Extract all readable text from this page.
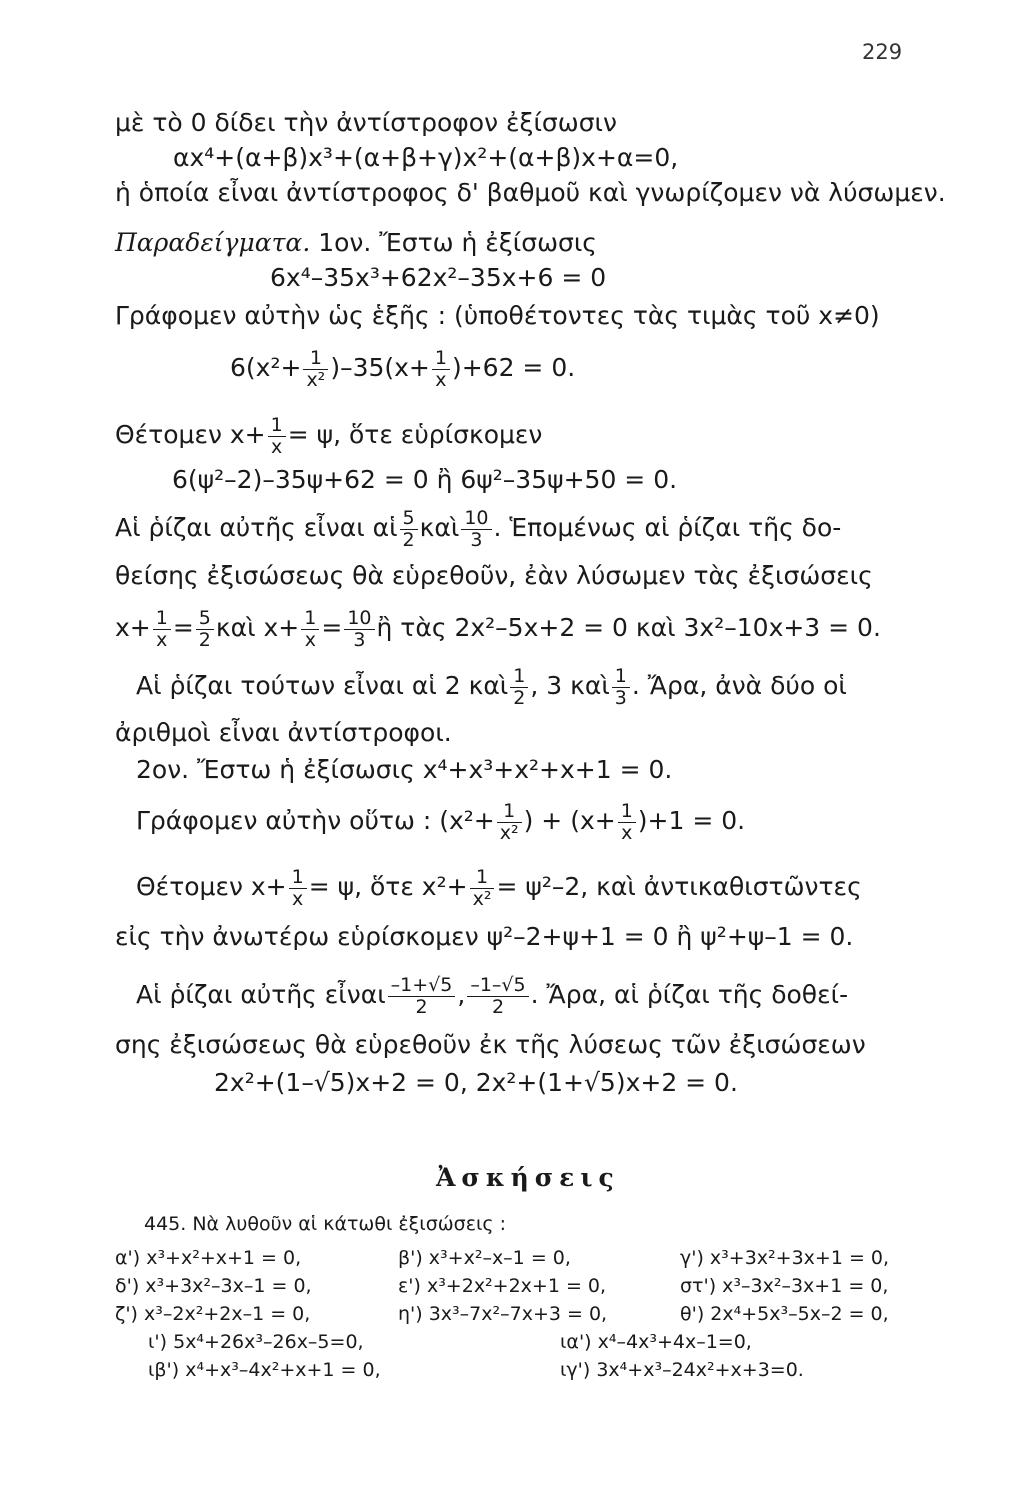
229
μὲ τὸ 0 δίδει τὴν ἀντίστροφον ἐξίσωσιν
αx⁴+(α+β)x³+(α+β+γ)x²+(α+β)x+α=0,
ἡ ὁποία εἶναι ἀντίστροφος δ' βαθμοῦ καὶ γνωρίζομεν νὰ λύσωμεν.
Παραδείγματα. 1ον. Ἔστω ἡ ἐξίσωσις
6x⁴–35x³+62x²–35x+6 = 0
Γράφομεν αὐτὴν ὡς ἑξῆς : (ὑποθέτοντες τὰς τιμὰς τοῦ x≠0)
$6(x^2+ \frac{1}{\text{x²}} )-35(x+ \frac{1}{x} )+62 = 0$.
Θέτομεν $x+ \frac{1}{x} = \psi$, ὅτε εὑρίσκομεν
6(ψ²–2)–35ψ+62 = 0 ἢ 6ψ²–35ψ+50 = 0.
Αἱ ῥίζαι αὐτῆς εἶναι αἱ $\frac{5}{2}$ καὶ $\frac{10}{3}$ . Ἑπομένως αἱ ῥίζαι τῆς δο-
θείσης ἐξισώσεως θὰ εὑρεθοῦν, ἐὰν λύσωμεν τὰς ἐξισώσεις
$x+ \frac{1}{x} = \frac{5}{2}$ καὶ $x+ \frac{1}{x} = \frac{10}{3}$ ἢ τὰς 2x²–5x+2 = 0 καὶ 3x²–10x+3 = 0.
Αἱ ῥίζαι τούτων εἶναι αἱ 2 καὶ $\frac{1}{2}$ , 3 καὶ $\frac{1}{3}$ . Ἄρα, ἀνὰ δύο οἱ
ἀριθμοὶ εἶναι ἀντίστροφοι.
2ον. Ἔστω ἡ ἐξίσωσις x⁴+x³+x²+x+1 = 0.
Γράφομεν αὐτὴν οὕτω : ($x^2+ \frac{1}{\text{x²}}$ ) + $(x+ \frac{1}{x} )+1 = 0$.
Θέτομεν $x+ \frac{1}{x} = \psi$, ὅτε $x^2+ \frac{1}{\text{x²}} = \psi^2-2$, καὶ ἀντικαθιστῶντες
εἰς τὴν ἀνωτέρω εὑρίσκομεν ψ²–2+ψ+1 = 0 ἢ ψ²+ψ–1 = 0.
Αἱ ῥίζαι αὐτῆς εἶναι $\frac{-1+√5}{2}$ , $\frac{-1-√5}{2}$ . Ἄρα, αἱ ῥίζαι τῆς δοθεί-
σης ἐξισώσεως θὰ εὑρεθοῦν ἐκ τῆς λύσεως τῶν ἐξισώσεων
2x²+(1–√5)x+2 = 0, 2x²+(1+√5)x+2 = 0.
Ἀσκήσεις
445. Νὰ λυθοῦν αἱ κάτωθι ἐξισώσεις :
α') x³+x²+x+1 = 0,	β') x³+x²–x–1 = 0,	γ') x³+3x²+3x+1 = 0,
δ') x³+3x²–3x–1 = 0,	ε') x³+2x²+2x+1 = 0,	στ') x³–3x²–3x+1 = 0,
ζ') x³–2x²+2x–1 = 0,	η') 3x³–7x²–7x+3 = 0,	θ') 2x⁴+5x³–5x–2 = 0,
ι') 5x⁴+26x³–26x–5=0,	ια') x⁴–4x³+4x–1=0,
ιβ') x⁴+x³–4x²+x+1 = 0,	ιγ') 3x⁴+x³–24x²+x+3=0.
